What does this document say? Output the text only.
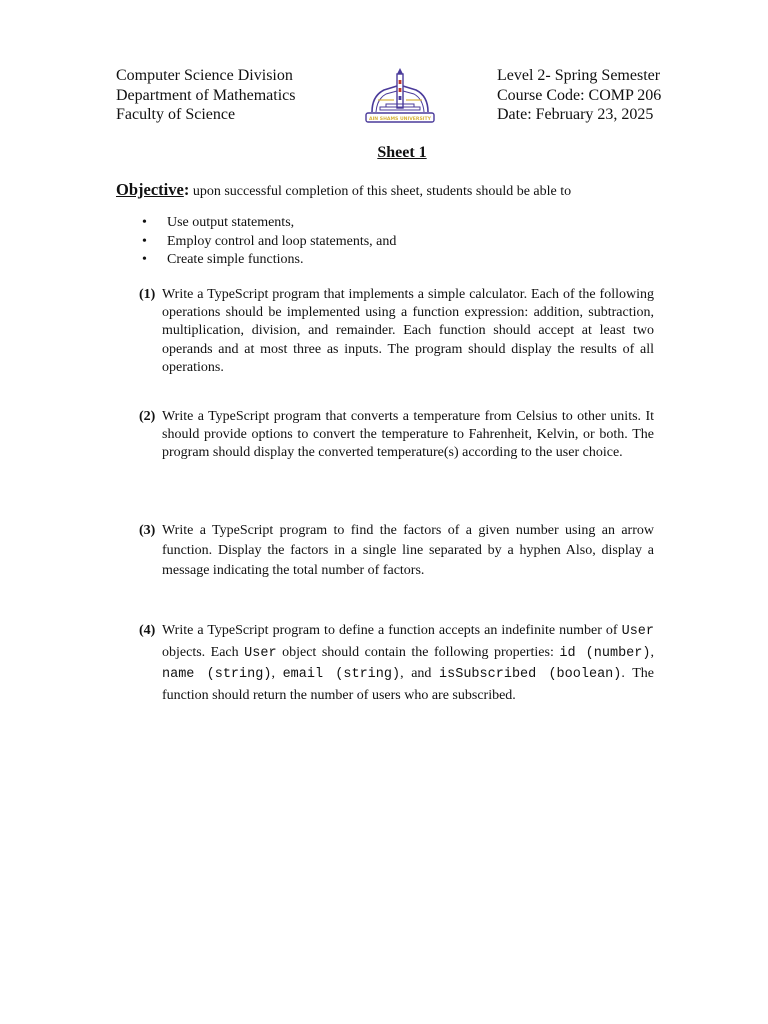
Computer Science Division
Department of Mathematics
Faculty of Science	AIN SHAMS UNIVERSITY
Level 2- Spring Semester
Course Code: COMP 206
Date: February 23, 2025
Sheet 1
Objective: upon successful completion of this sheet, students should be able to
• Use output statements,
• Employ control and loop statements, and
• Create simple functions.
(1) Write a TypeScript program that implements a simple calculator. Each of the following operations should be implemented using a function expression: addition, subtraction, multiplication, division, and remainder. Each function should accept at least two operands and at most three as inputs. The program should display the results of all operations.
(2) Write a TypeScript program that converts a temperature from Celsius to other units. It should provide options to convert the temperature to Fahrenheit, Kelvin, or both. The program should display the converted temperature(s) according to the user choice.
(3) Write a TypeScript program to find the factors of a given number using an arrow function. Display the factors in a single line separated by a hyphen Also, display a message indicating the total number of factors.
(4) Write a TypeScript program to define a function accepts an indefinite number of User objects. Each User object should contain the following properties: id (number), name (string), email (string), and isSubscribed (boolean). The function should return the number of users who are subscribed.
